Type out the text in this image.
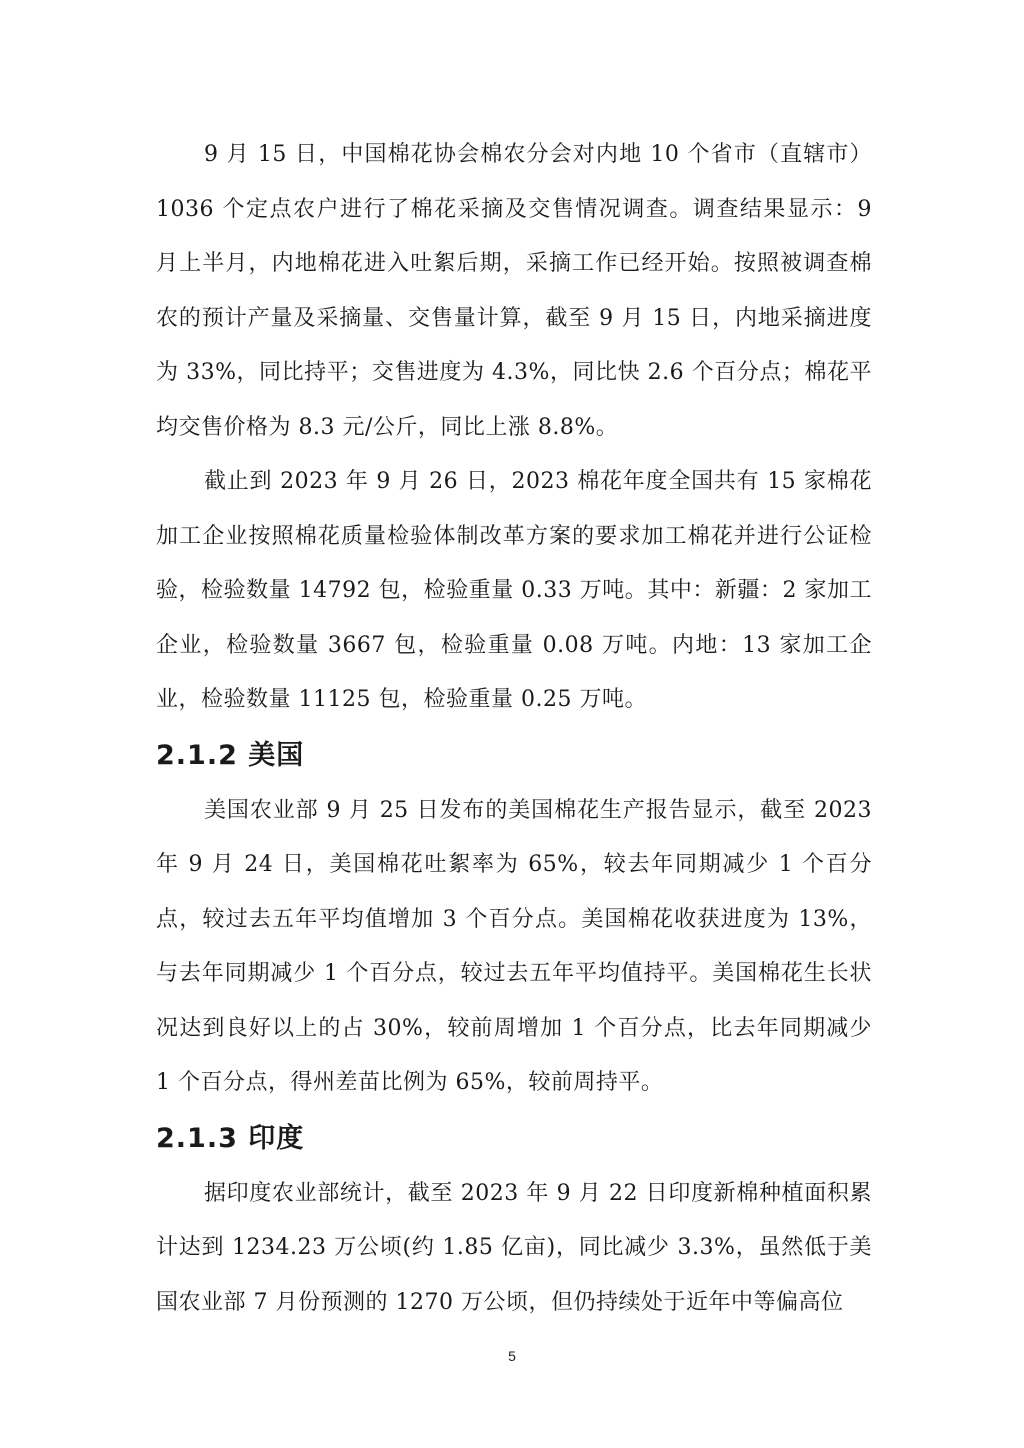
9 月 15 日，中国棉花协会棉农分会对内地 10 个省市（直辖市）1036 个定点农户进行了棉花采摘及交售情况调查。调查结果显示：9 月上半月，内地棉花进入吐絮后期，采摘工作已经开始。按照被调查棉农的预计产量及采摘量、交售量计算，截至 9 月 15 日，内地采摘进度为 33%，同比持平；交售进度为 4.3%，同比快 2.6 个百分点；棉花平均交售价格为 8.3 元/公斤，同比上涨 8.8%。

截止到 2023 年 9 月 26 日，2023 棉花年度全国共有 15 家棉花加工企业按照棉花质量检验体制改革方案的要求加工棉花并进行公证检验，检验数量 14792 包，检验重量 0.33 万吨。其中：新疆：2 家加工企业，检验数量 3667 包，检验重量 0.08 万吨。内地：13 家加工企业，检验数量 11125 包，检验重量 0.25 万吨。

2.1.2 美国

美国农业部 9 月 25 日发布的美国棉花生产报告显示，截至 2023 年 9 月 24 日，美国棉花吐絮率为 65%，较去年同期减少 1 个百分点，较过去五年平均值增加 3 个百分点。美国棉花收获进度为 13%，与去年同期减少 1 个百分点，较过去五年平均值持平。美国棉花生长状况达到良好以上的占 30%，较前周增加 1 个百分点，比去年同期减少 1 个百分点，得州差苗比例为 65%，较前周持平。

2.1.3 印度

据印度农业部统计，截至 2023 年 9 月 22 日印度新棉种植面积累计达到 1234.23 万公顷(约 1.85 亿亩)，同比减少 3.3%，虽然低于美国农业部 7 月份预测的 1270 万公顷，但仍持续处于近年中等偏高位

5
